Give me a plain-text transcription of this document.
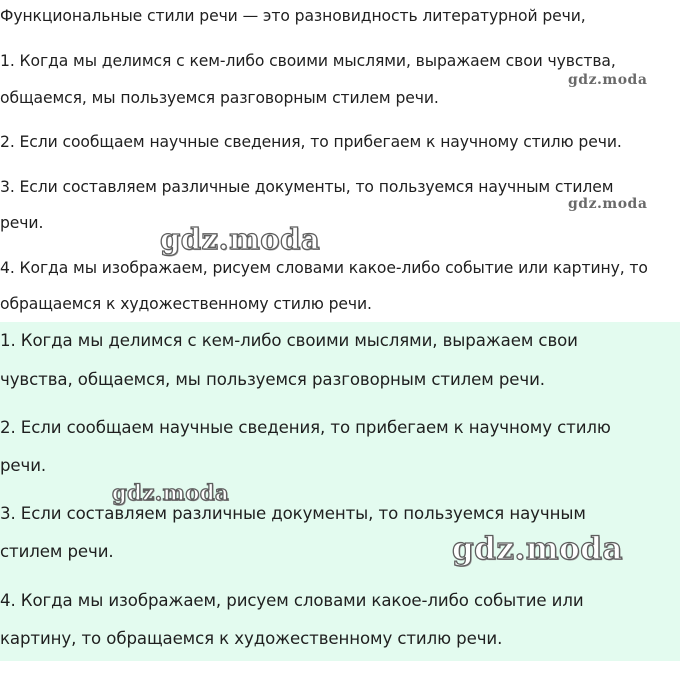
Функциональные стили речи — это разновидность литературной речи,
1. Когда мы делимся с кем-либо своими мыслями, выражаем свои чувства,
общаемся, мы пользуемся разговорным стилем речи.
2. Если сообщаем научные сведения, то прибегаем к научному стилю речи.
3. Если составляем различные документы, то пользуемся научным стилем
речи.
4. Когда мы изображаем, рисуем словами какое-либо событие или картину, то
обращаемся к художественному стилю речи.
1. Когда мы делимся с кем-либо своими мыслями, выражаем свои
чувства, общаемся, мы пользуемся разговорным стилем речи.
2. Если сообщаем научные сведения, то прибегаем к научному стилю
речи.
3. Если составляем различные документы, то пользуемся научным
стилем речи.
4. Когда мы изображаем, рисуем словами какое-либо событие или
картину, то обращаемся к художественному стилю речи.
gdz.moda
gdz.moda
gdz.moda
gdz.moda
gdz.moda
